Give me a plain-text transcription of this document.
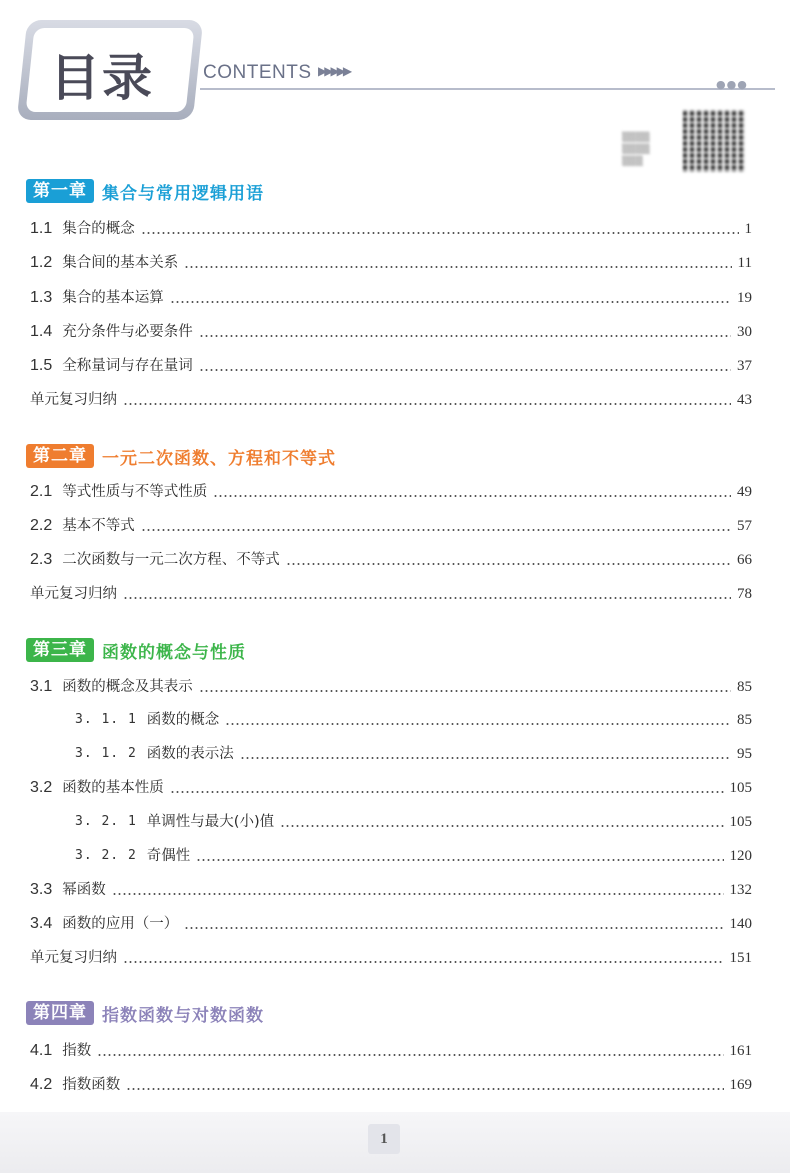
目录	CONTENTS ▶▶▶▶▶
●●●
▒▒▒▒
▒▒▒▒
▒▒▒
第一章 集合与常用逻辑用语
1.1 集合的概念	1
1.2 集合间的基本关系	11
1.3 集合的基本运算	19
1.4 充分条件与必要条件	30
1.5 全称量词与存在量词	37
单元复习归纳	43
第二章 一元二次函数、方程和不等式
2.1 等式性质与不等式性质	49
2.2 基本不等式	57
2.3 二次函数与一元二次方程、不等式	66
单元复习归纳	78
第三章 函数的概念与性质
3.1 函数的概念及其表示	85
3. 1. 1 函数的概念	85
3. 1. 2 函数的表示法	95
3.2 函数的基本性质	105
3. 2. 1 单调性与最大(小)值	105
3. 2. 2 奇偶性	120
3.3 幂函数	132
3.4 函数的应用（一）	140
单元复习归纳	151
第四章 指数函数与对数函数
4.1 指数	161
4.2 指数函数	169
1
